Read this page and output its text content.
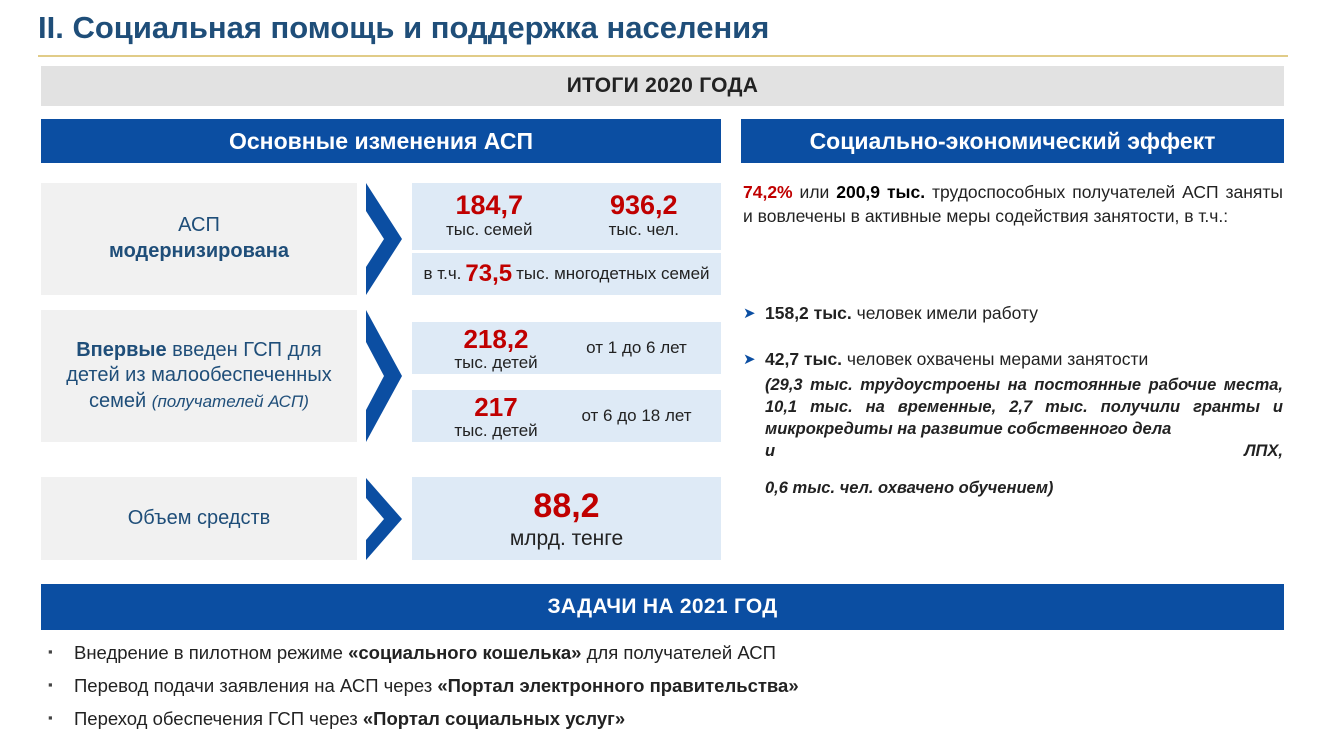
II. Социальная помощь и поддержка населения
ИТОГИ 2020 ГОДА
Основные изменения АСП	Социально-экономический эффект
АСП
модернизирована
Впервые введен ГСП для детей из малообеспеченных семей (получателей АСП)
Объем средств
184,7
тыс. семей
936,2
тыс. чел.
в т.ч. 73,5 тыс. многодетных семей
218,2
тыс. детей
от 1 до 6 лет
217
тыс. детей
от 6 до 18 лет
88,2
млрд. тенге
74,2% или 200,9 тыс. трудоспособных получателей АСП заняты и вовлечены в активные меры содействия занятости, в т.ч.:
➤ 158,2 тыс. человек имели работу
➤ 42,7 тыс. человек охвачены мерами занятости
(29,3 тыс. трудоустроены на постоянные рабочие места, 10,1 тыс. на временные, 2,7 тыс. получили гранты и микрокредиты на развитие собственного дела
и	ЛПХ,
0,6 тыс. чел. охвачено обучением)
ЗАДАЧИ НА 2021 ГОД
▪	Внедрение в пилотном режиме «социального кошелька» для получателей АСП
▪	Перевод подачи заявления на АСП через «Портал электронного правительства»
▪	Переход обеспечения ГСП через «Портал социальных услуг»
